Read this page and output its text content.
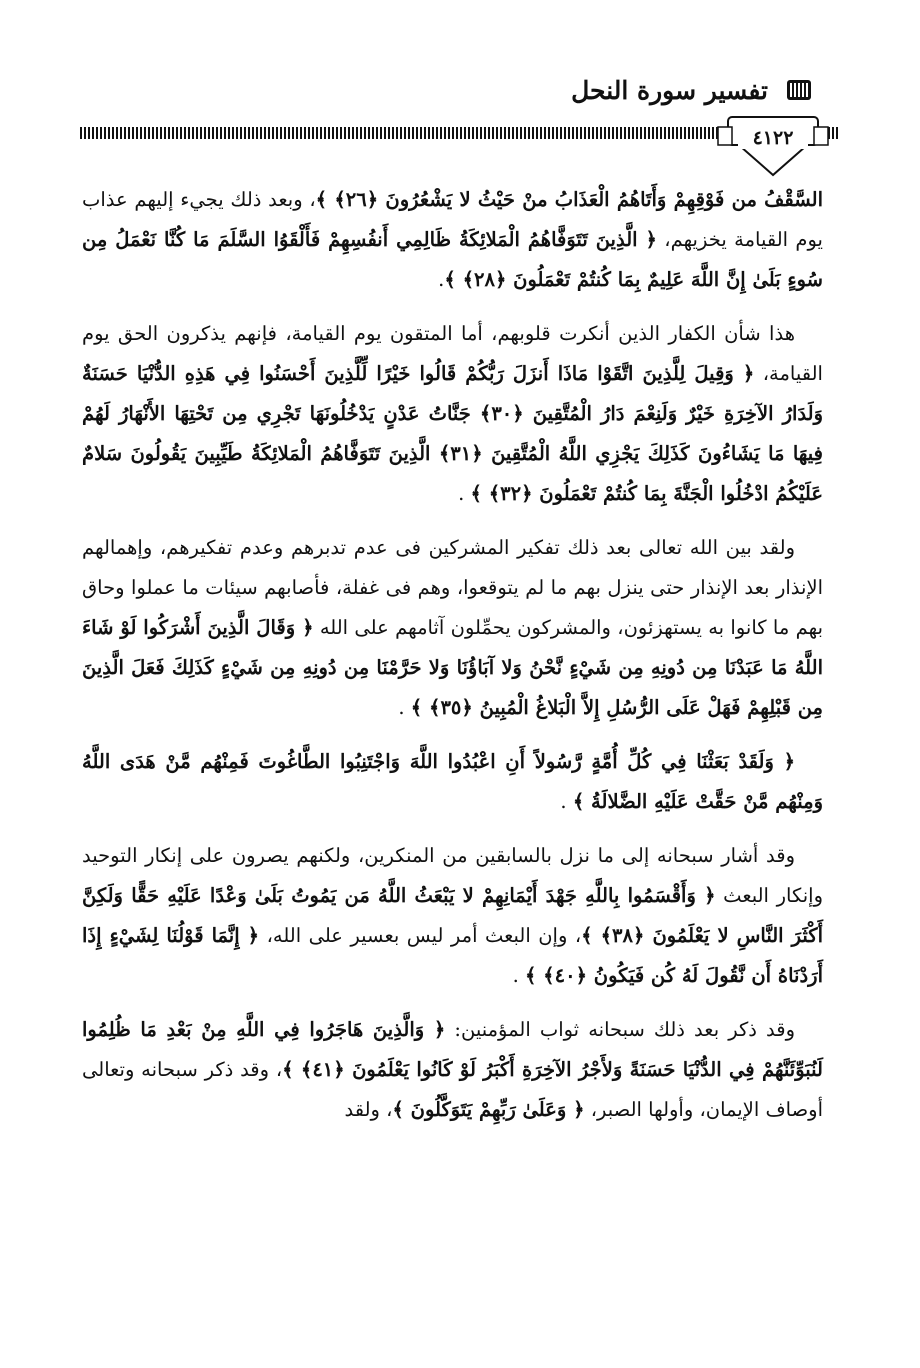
تفسير سورة النحل
٤١٢٢

السَّقْفُ من فَوْقِهِمْ وَأَتَاهُمُ الْعَذَابُ منْ حَيْثُ لا يَشْعُرُونَ ﴿٢٦﴾ ﴾، وبعد ذلك يجيء إليهم عذاب يوم القيامة يخزيهم، ﴿ الَّذِينَ تَتَوَفَّاهُمُ الْمَلائِكَةُ ظَالِمِي أَنفُسِهِمْ فَأَلْقَوُا السَّلَمَ مَا كُنَّا نَعْمَلُ مِن سُوءٍ بَلَىٰ إِنَّ اللَّهَ عَلِيمٌ بِمَا كُنتُمْ تَعْمَلُونَ ﴿٢٨﴾ ﴾.

هذا شأن الكفار الذين أنكرت قلوبهم، أما المتقون يوم القيامة، فإنهم يذكرون الحق يوم القيامة، ﴿ وَقِيلَ لِلَّذِينَ اتَّقَوْا مَاذَا أَنزَلَ رَبُّكُمْ قَالُوا خَيْرًا لِّلَّذِينَ أَحْسَنُوا فِي هَذِهِ الدُّنْيَا حَسَنَةٌ وَلَدَارُ الآخِرَةِ خَيْرٌ وَلَنِعْمَ دَارُ الْمُتَّقِينَ ﴿٣٠﴾ جَنَّاتُ عَدْنٍ يَدْخُلُونَهَا تَجْرِي مِن تَحْتِهَا الأَنْهَارُ لَهُمْ فِيهَا مَا يَشَاءُونَ كَذَلِكَ يَجْزِي اللَّهُ الْمُتَّقِينَ ﴿٣١﴾ الَّذِينَ تَتَوَفَّاهُمُ الْمَلائِكَةُ طَيِّبِينَ يَقُولُونَ سَلامٌ عَلَيْكُمُ ادْخُلُوا الْجَنَّةَ بِمَا كُنتُمْ تَعْمَلُونَ ﴿٣٢﴾ ﴾ .

ولقد بين الله تعالى بعد ذلك تفكير المشركين فى عدم تدبرهم وعدم تفكيرهم، وإهمالهم الإنذار بعد الإنذار حتى ينزل بهم ما لم يتوقعوا، وهم فى غفلة، فأصابهم سيئات ما عملوا وحاق بهم ما كانوا به يستهزئون، والمشركون يحمِّلون آثامهم على الله ﴿ وَقَالَ الَّذِينَ أَشْرَكُوا لَوْ شَاءَ اللَّهُ مَا عَبَدْنَا مِن دُونِهِ مِن شَيْءٍ نَّحْنُ وَلا آبَاؤُنَا وَلا حَرَّمْنَا مِن دُونِهِ مِن شَيْءٍ كَذَلِكَ فَعَلَ الَّذِينَ مِن قَبْلِهِمْ فَهَلْ عَلَى الرُّسُلِ إِلاَّ الْبَلاغُ الْمُبِينُ ﴿٣٥﴾ ﴾ .

﴿ وَلَقَدْ بَعَثْنَا فِي كُلِّ أُمَّةٍ رَّسُولاً أَنِ اعْبُدُوا اللَّهَ وَاجْتَنِبُوا الطَّاغُوتَ فَمِنْهُم مَّنْ هَدَى اللَّهُ وَمِنْهُم مَّنْ حَقَّتْ عَلَيْهِ الضَّلالَةُ ﴾ .

وقد أشار سبحانه إلى ما نزل بالسابقين من المنكرين، ولكنهم يصرون على إنكار التوحيد وإنكار البعث ﴿ وَأَقْسَمُوا بِاللَّهِ جَهْدَ أَيْمَانِهِمْ لا يَبْعَثُ اللَّهُ مَن يَمُوتُ بَلَىٰ وَعْدًا عَلَيْهِ حَقًّا وَلَكِنَّ أَكْثَرَ النَّاسِ لا يَعْلَمُونَ ﴿٣٨﴾ ﴾، وإن البعث أمر ليس بعسير على الله، ﴿ إِنَّمَا قَوْلُنَا لِشَيْءٍ إِذَا أَرَدْنَاهُ أَن نَّقُولَ لَهُ كُن فَيَكُونُ ﴿٤٠﴾ ﴾ .

وقد ذكر بعد ذلك سبحانه ثواب المؤمنين: ﴿ وَالَّذِينَ هَاجَرُوا فِي اللَّهِ مِنْ بَعْدِ مَا ظُلِمُوا لَنُبَوِّئَنَّهُمْ فِي الدُّنْيَا حَسَنَةً وَلأَجْرُ الآخِرَةِ أَكْبَرُ لَوْ كَانُوا يَعْلَمُونَ ﴿٤١﴾ ﴾، وقد ذكر سبحانه وتعالى أوصاف الإيمان، وأولها الصبر، ﴿ وَعَلَىٰ رَبِّهِمْ يَتَوَكَّلُونَ ﴾، ولقد
